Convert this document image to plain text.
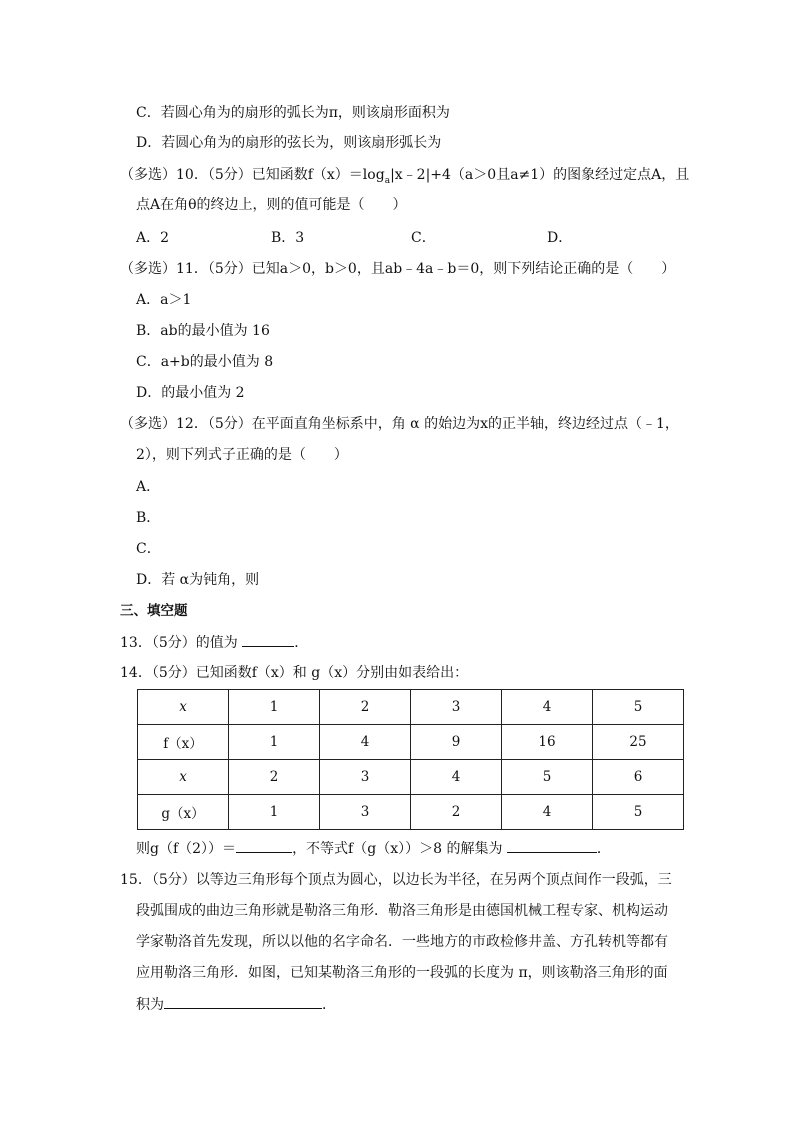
C．若圆心角为的扇形的弧长为π，则该扇形面积为
D．若圆心角为的扇形的弦长为，则该扇形弧长为
（多选）10．（5分）已知函数$f(x)=\log_a|x﹣2|+4(a>0$且a≠1）的图象经过定点A，且
点A在角θ的终边上，则的值可能是（　　）
A．2	B．3	C．	D．
（多选）11．（5分）已知a＞0，b＞0，且ab﹣4a﹣b＝0，则下列结论正确的是（　　）
A．a＞1
B．ab的最小值为 16
C．a+b的最小值为 8
D．的最小值为 2
（多选）12．（5分）在平面直角坐标系中，角 α 的始边为x的正半轴，终边经过点（﹣1，
2），则下列式子正确的是（　　）
A．
B．
C．
D．若 α为钝角，则
三、填空题
13．（5分）的值为	．
14．（5分）已知函数f（x）和 g（x）分别由如表给出：
x	1	2	3	4	5
f（x）	1	4	9	16	25
x	2	3	4	5	6
g（x）	1	3	2	4	5
则g（f（2））＝	，不等式f（g（x））＞8 的解集为	．
15．（5分）以等边三角形每个顶点为圆心，以边长为半径，在另两个顶点间作一段弧，三
段弧围成的曲边三角形就是勒洛三角形．勒洛三角形是由德国机械工程专家、机构运动
学家勒洛首先发现，所以以他的名字命名．一些地方的市政检修井盖、方孔转机等都有
应用勒洛三角形．如图，已知某勒洛三角形的一段弧的长度为 π，则该勒洛三角形的面
积为	．
